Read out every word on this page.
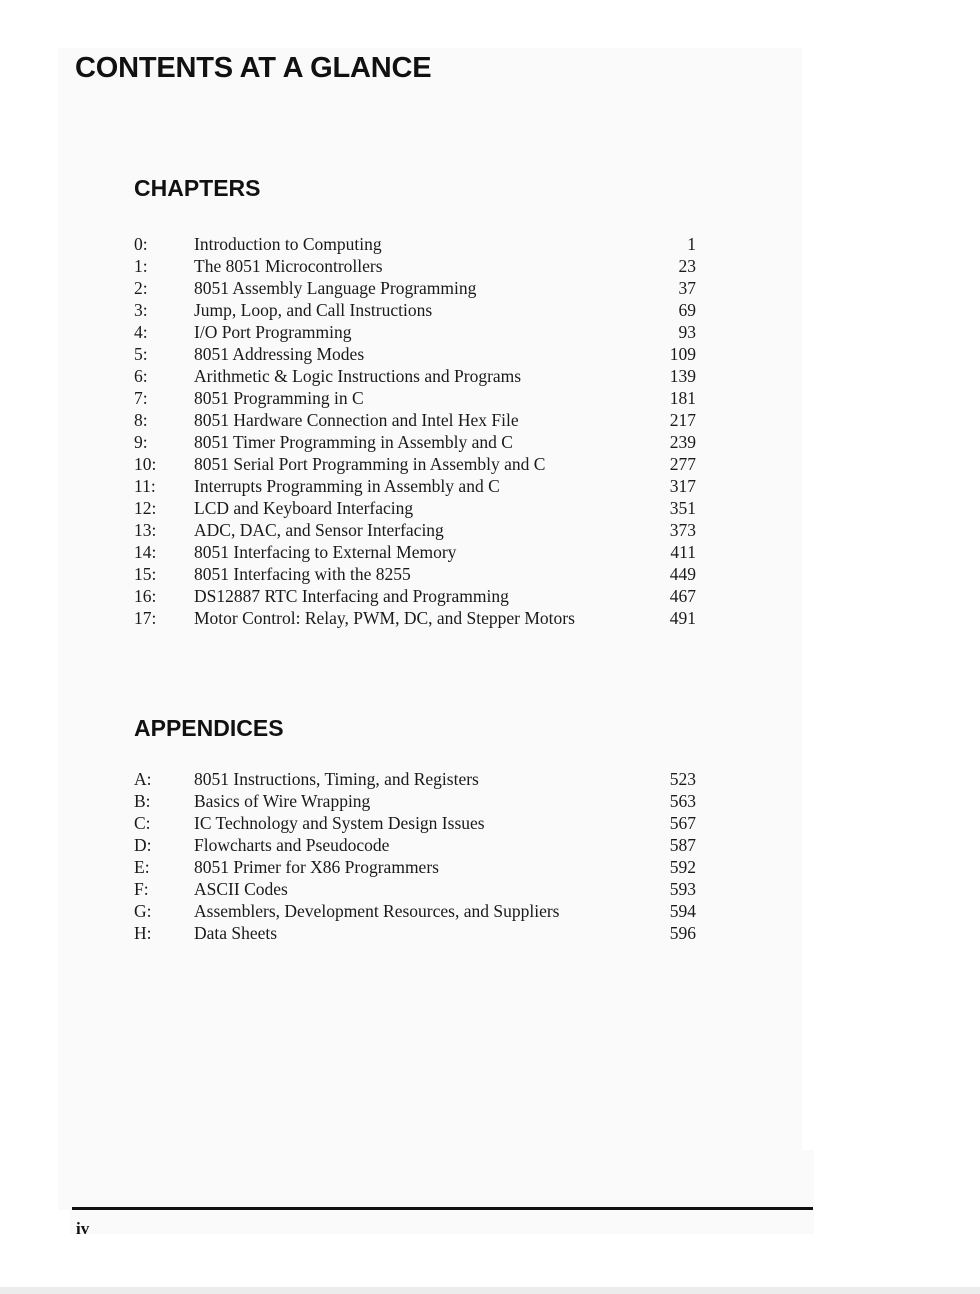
CONTENTS AT A GLANCE
CHAPTERS
0:	Introduction to Computing	1
1:	The 8051 Microcontrollers	23
2:	8051 Assembly Language Programming	37
3:	Jump, Loop, and Call Instructions	69
4:	I/O Port Programming	93
5:	8051 Addressing Modes	109
6:	Arithmetic & Logic Instructions and Programs	139
7:	8051 Programming in C	181
8:	8051 Hardware Connection and Intel Hex File	217
9:	8051 Timer Programming in Assembly and C	239
10:	8051 Serial Port Programming in Assembly and C	277
11:	Interrupts Programming in Assembly and C	317
12:	LCD and Keyboard Interfacing	351
13:	ADC, DAC, and Sensor Interfacing	373
14:	8051 Interfacing to External Memory	411
15:	8051 Interfacing with the 8255	449
16:	DS12887 RTC Interfacing and Programming	467
17:	Motor Control: Relay, PWM, DC, and Stepper Motors	491
APPENDICES
A:	8051 Instructions, Timing, and Registers	523
B:	Basics of Wire Wrapping	563
C:	IC Technology and System Design Issues	567
D:	Flowcharts and Pseudocode	587
E:	8051 Primer for X86 Programmers	592
F:	ASCII Codes	593
G:	Assemblers, Development Resources, and Suppliers	594
H:	Data Sheets	596

iv
